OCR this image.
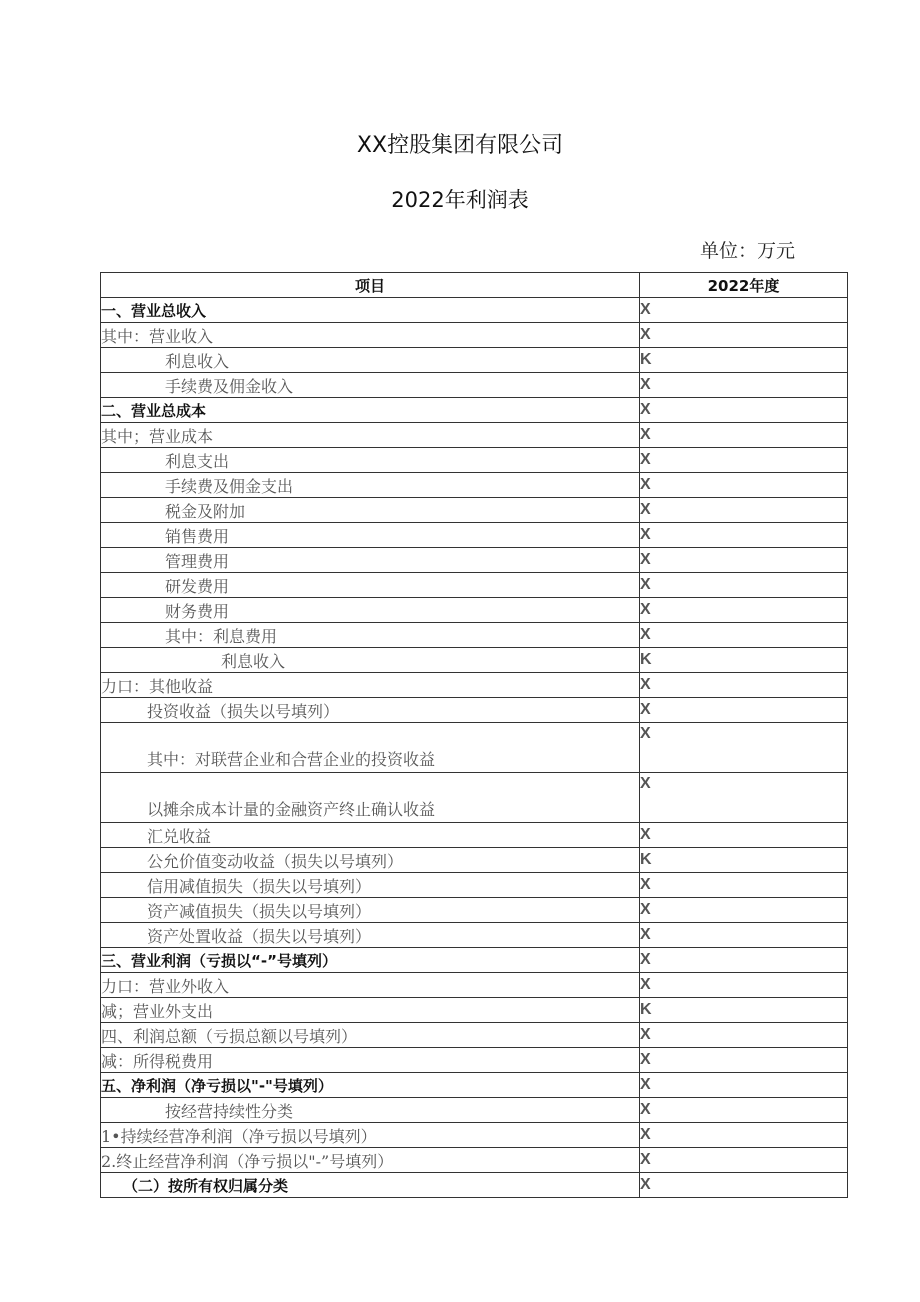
XX控股集团有限公司
2022年利润表
单位：万元
项目	2022年度
一、营业总收入	X
其中：营业收入	X
利息收入	K
手续费及佣金收入	X
二、营业总成本	X
其中；营业成本	X
利息支出	X
手续费及佣金支出	X
税金及附加	X
销售费用	X
管理费用	X
研发费用	X
财务费用	X
其中：利息费用	X
利息收入	K
力口：其他收益	X
投资收益（损失以号填列）	X
其中：对联营企业和合营企业的投资收益	X
以摊余成本计量的金融资产终止确认收益	X
汇兑收益	X
公允价值变动收益（损失以号填列）	K
信用减值损失（损失以号填列）	X
资产减值损失（损失以号填列）	X
资产处置收益（损失以号填列）	X
三、营业利润（亏损以“-”号填列）	X
力口：营业外收入	X
减；营业外支出	K
四、利润总额（亏损总额以号填列）	X
减：所得税费用	X
五、净利润（净亏损以"-"号填列）	X
按经营持续性分类	X
1•持续经营净利润（净亏损以号填列）	X
2.终止经营净利润（净亏损以"-”号填列）	X
（二）按所有权归属分类	X
